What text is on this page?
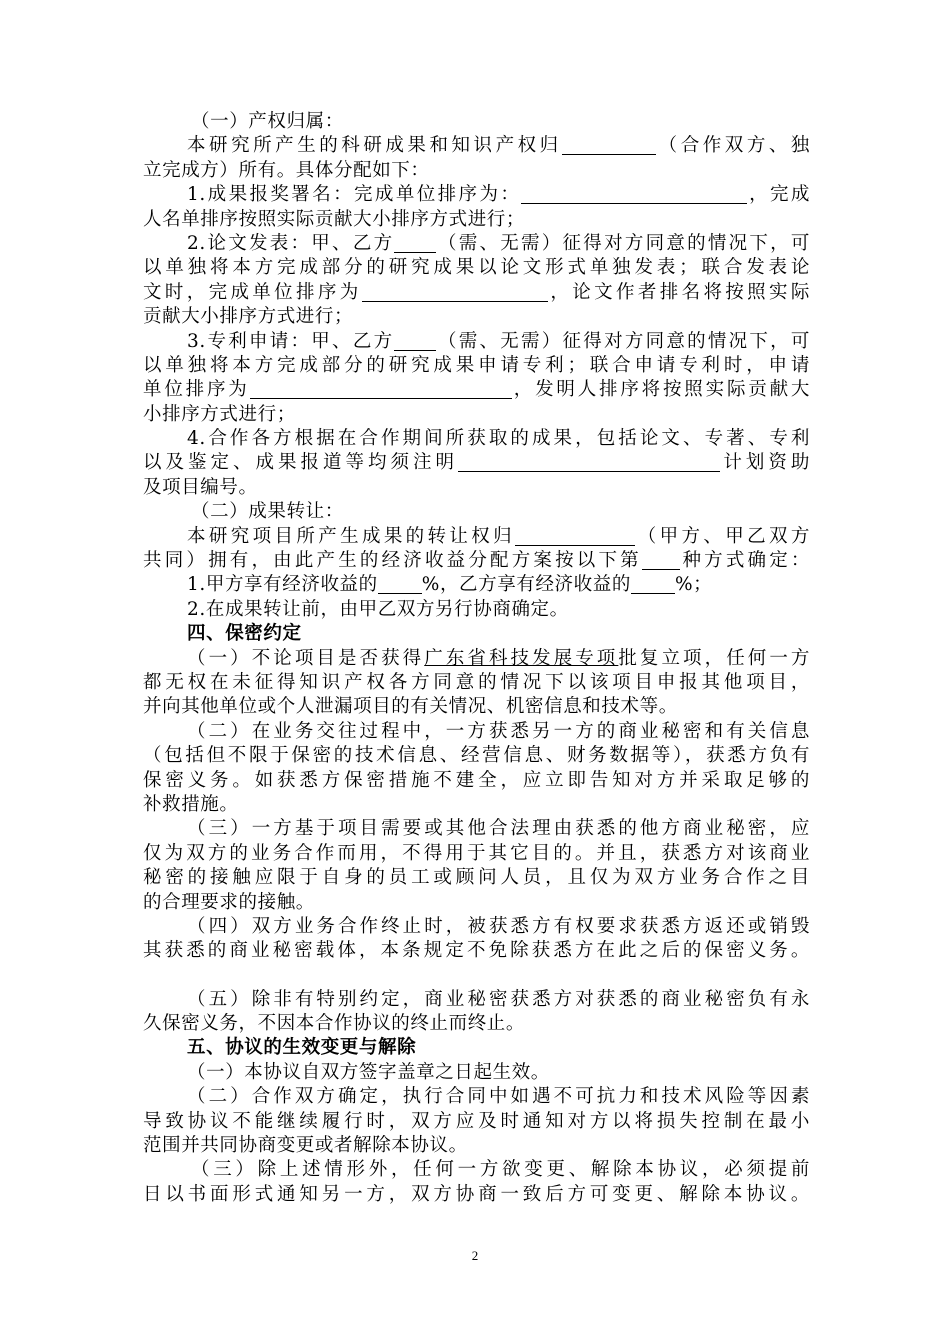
（一）产权归属：
本研究所产生的科研成果和知识产权归	（合作双方、独
立完成方）所有。具体分配如下：
1.成果报奖署名：完成单位排序为：	，完成
人名单排序按照实际贡献大小排序方式进行；
2.论文发表：甲、乙方 （需、无需）征得对方同意的情况下，可
以单独将本方完成部分的研究成果以论文形式单独发表；联合发表论
文时，完成单位排序为	，论文作者排名将按照实际
贡献大小排序方式进行；
3.专利申请：甲、乙方 （需、无需）征得对方同意的情况下，可
以单独将本方完成部分的研究成果申请专利；联合申请专利时，申请
单位排序为	，发明人排序将按照实际贡献大
小排序方式进行；
4.合作各方根据在合作期间所获取的成果，包括论文、专著、专利
以及鉴定、成果报道等均须注明	计划资助
及项目编号。
（二）成果转让：
本研究项目所产生成果的转让权归	（甲方、甲乙双方
共同）拥有，由此产生的经济收益分配方案按以下第 种方式确定：
1.甲方享有经济收益的 %，乙方享有经济收益的 %；
2.在成果转让前，由甲乙双方另行协商确定。
四、保密约定
（一）不论项目是否获得广东省科技发展专项批复立项，任何一方
都无权在未征得知识产权各方同意的情况下以该项目申报其他项目，
并向其他单位或个人泄漏项目的有关情况、机密信息和技术等。
（二）在业务交往过程中，一方获悉另一方的商业秘密和有关信息
（包括但不限于保密的技术信息、经营信息、财务数据等），获悉方负有
保密义务。如获悉方保密措施不建全，应立即告知对方并采取足够的
补救措施。
（三）一方基于项目需要或其他合法理由获悉的他方商业秘密，应
仅为双方的业务合作而用，不得用于其它目的。并且，获悉方对该商业
秘密的接触应限于自身的员工或顾问人员，且仅为双方业务合作之目
的合理要求的接触。
（四）双方业务合作终止时，被获悉方有权要求获悉方返还或销毁
其获悉的商业秘密载体，本条规定不免除获悉方在此之后的保密义务。
（五）除非有特别约定，商业秘密获悉方对获悉的商业秘密负有永
久保密义务，不因本合作协议的终止而终止。
五、协议的生效变更与解除
（一）本协议自双方签字盖章之日起生效。
（二）合作双方确定，执行合同中如遇不可抗力和技术风险等因素
导致协议不能继续履行时，双方应及时通知对方以将损失控制在最小
范围并共同协商变更或者解除本协议。
（三）除上述情形外，任何一方欲变更、解除本协议，必须提前
日以书面形式通知另一方，双方协商一致后方可变更、解除本协议。
2
